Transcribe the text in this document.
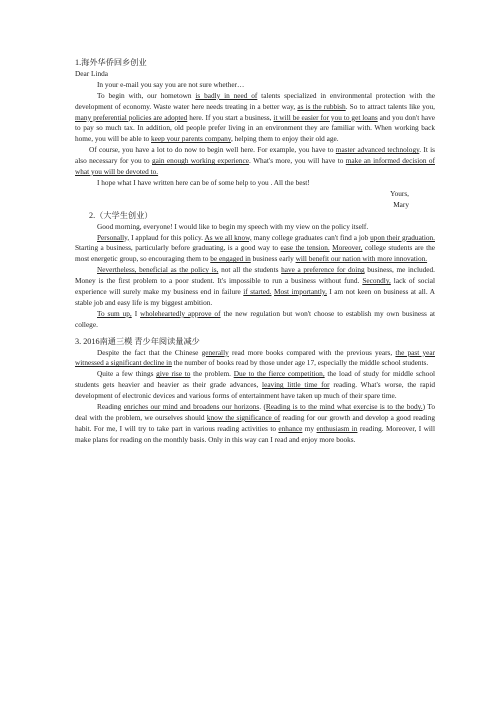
1.海外华侨回乡创业

Dear Linda

In your e-mail you say you are not sure whether…

To begin with, our hometown is badly in need of talents specialized in environmental protection with the development of economy. Waste water here needs treating in a better way, as is the rubbish. So to attract talents like you, many preferential policies are adopted here. If you start a business, it will be easier for you to get loans and you don't have to pay so much tax. In addition, old people prefer living in an environment they are familiar with. When working back home, you will be able to keep your parents company, helping them to enjoy their old age.

Of course, you have a lot to do now to begin well here. For example, you have to master advanced technology. It is also necessary for you to gain enough working experience. What's more, you will have to make an informed decision of what you will be devoted to.

I hope what I have written here can be of some help to you . All the best!

Yours,

Mary

2.（大学生创业）

Good morning, everyone! I would like to begin my speech with my view on the policy itself.

Personally, I applaud for this policy. As we all know, many college graduates can't find a job upon their graduation. Starting a business, particularly before graduating, is a good way to ease the tension. Moreover, college students are the most energetic group, so encouraging them to be engaged in business early will benefit our nation with more innovation.

Nevertheless, beneficial as the policy is, not all the students have a preference for doing business, me included. Money is the first problem to a poor student. It's impossible to run a business without fund. Secondly, lack of social experience will surely make my business end in failure if started. Most importantly, I am not keen on business at all. A stable job and easy life is my biggest ambition.

To sum up, I wholeheartedly approve of the new regulation but won't choose to establish my own business at college.

3. 2016南通三模 青少年阅读量减少

Despite the fact that the Chinese generally read more books compared with the previous years, the past year witnessed a significant decline in the number of books read by those under age 17, especially the middle school students.

Quite a few things give rise to the problem. Due to the fierce competition, the load of study for middle school students gets heavier and heavier as their grade advances, leaving little time for reading. What's worse, the rapid development of electronic devices and various forms of entertainment have taken up much of their spare time.

Reading enriches our mind and broadens our horizons. (Reading is to the mind what exercise is to the body.) To deal with the problem, we ourselves should know the significance of reading for our growth and develop a good reading habit. For me, I will try to take part in various reading activities to enhance my enthusiasm in reading. Moreover, I will make plans for reading on the monthly basis. Only in this way can I read and enjoy more books.
